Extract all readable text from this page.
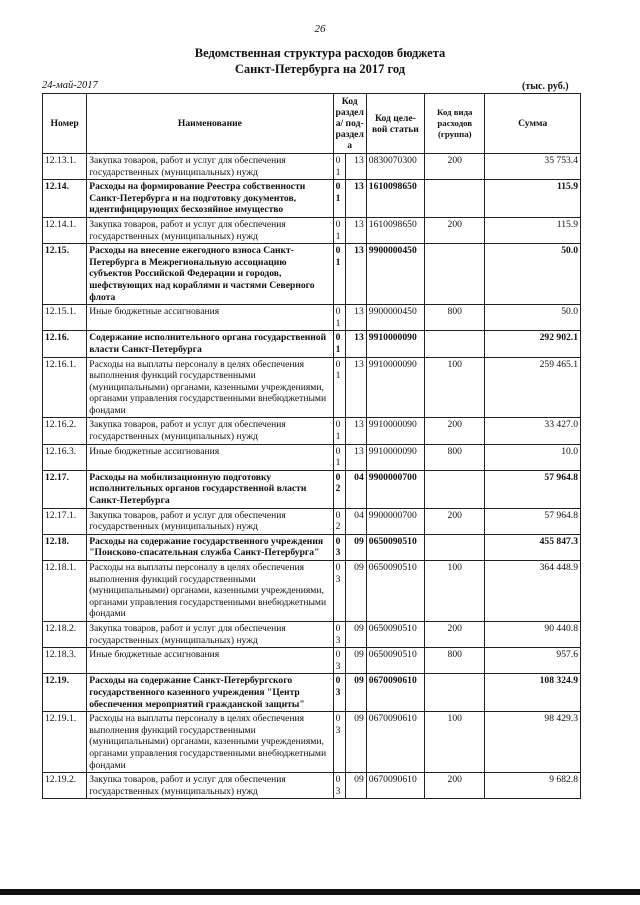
26
Ведомственная структура расходов бюджета
Санкт-Петербурга на 2017 год
24-май-2017	(тыс. руб.)
Номер	Наименование	Код раздела/ под-раздела		Код целе-вой статьи	Код вида расходов (группа)	Сумма
12.13.1.	Закупка товаров, работ и услуг для обеспечения государственных (муниципальных) нужд	01	13	0830070300	200	35 753.4
12.14.	Расходы на формирование Реестра собственности Санкт-Петербурга и на подготовку документов, идентифицирующих бесхозяйное имущество	01	13	1610098650		115.9
12.14.1.	Закупка товаров, работ и услуг для обеспечения государственных (муниципальных) нужд	01	13	1610098650	200	115.9
12.15.	Расходы на внесение ежегодного взноса Санкт-Петербурга в Межрегиональную ассоциацию субъектов Российской Федерации и городов, шефствующих над кораблями и частями Северного флота	01	13	9900000450		50.0
12.15.1.	Иные бюджетные ассигнования	01	13	9900000450	800	50.0
12.16.	Содержание исполнительного органа государственной власти Санкт-Петербурга	01	13	9910000090		292 902.1
12.16.1.	Расходы на выплаты персоналу в целях обеспечения выполнения функций государственными (муниципальными) органами, казенными учреждениями, органами управления государственными внебюджетными фондами	01	13	9910000090	100	259 465.1
12.16.2.	Закупка товаров, работ и услуг для обеспечения государственных (муниципальных) нужд	01	13	9910000090	200	33 427.0
12.16.3.	Иные бюджетные ассигнования	01	13	9910000090	800	10.0
12.17.	Расходы на мобилизационную подготовку исполнительных органов государственной власти Санкт-Петербурга	02	04	9900000700		57 964.8
12.17.1.	Закупка товаров, работ и услуг для обеспечения государственных (муниципальных) нужд	02	04	9900000700	200	57 964.8
12.18.	Расходы на содержание государственного учреждения "Поисково-спасательная служба Санкт-Петербурга"	03	09	0650090510		455 847.3
12.18.1.	Расходы на выплаты персоналу в целях обеспечения выполнения функций государственными (муниципальными) органами, казенными учреждениями, органами управления государственными внебюджетными фондами	03	09	0650090510	100	364 448.9
12.18.2.	Закупка товаров, работ и услуг для обеспечения государственных (муниципальных) нужд	03	09	0650090510	200	90 440.8
12.18.3.	Иные бюджетные ассигнования	03	09	0650090510	800	957.6
12.19.	Расходы на содержание Санкт-Петербургского государственного казенного учреждения "Центр обеспечения мероприятий гражданской защиты"	03	09	0670090610		108 324.9
12.19.1.	Расходы на выплаты персоналу в целях обеспечения выполнения функций государственными (муниципальными) органами, казенными учреждениями, органами управления государственными внебюджетными фондами	03	09	0670090610	100	98 429.3
12.19.2.	Закупка товаров, работ и услуг для обеспечения государственных (муниципальных) нужд	03	09	0670090610	200	9 682.8
